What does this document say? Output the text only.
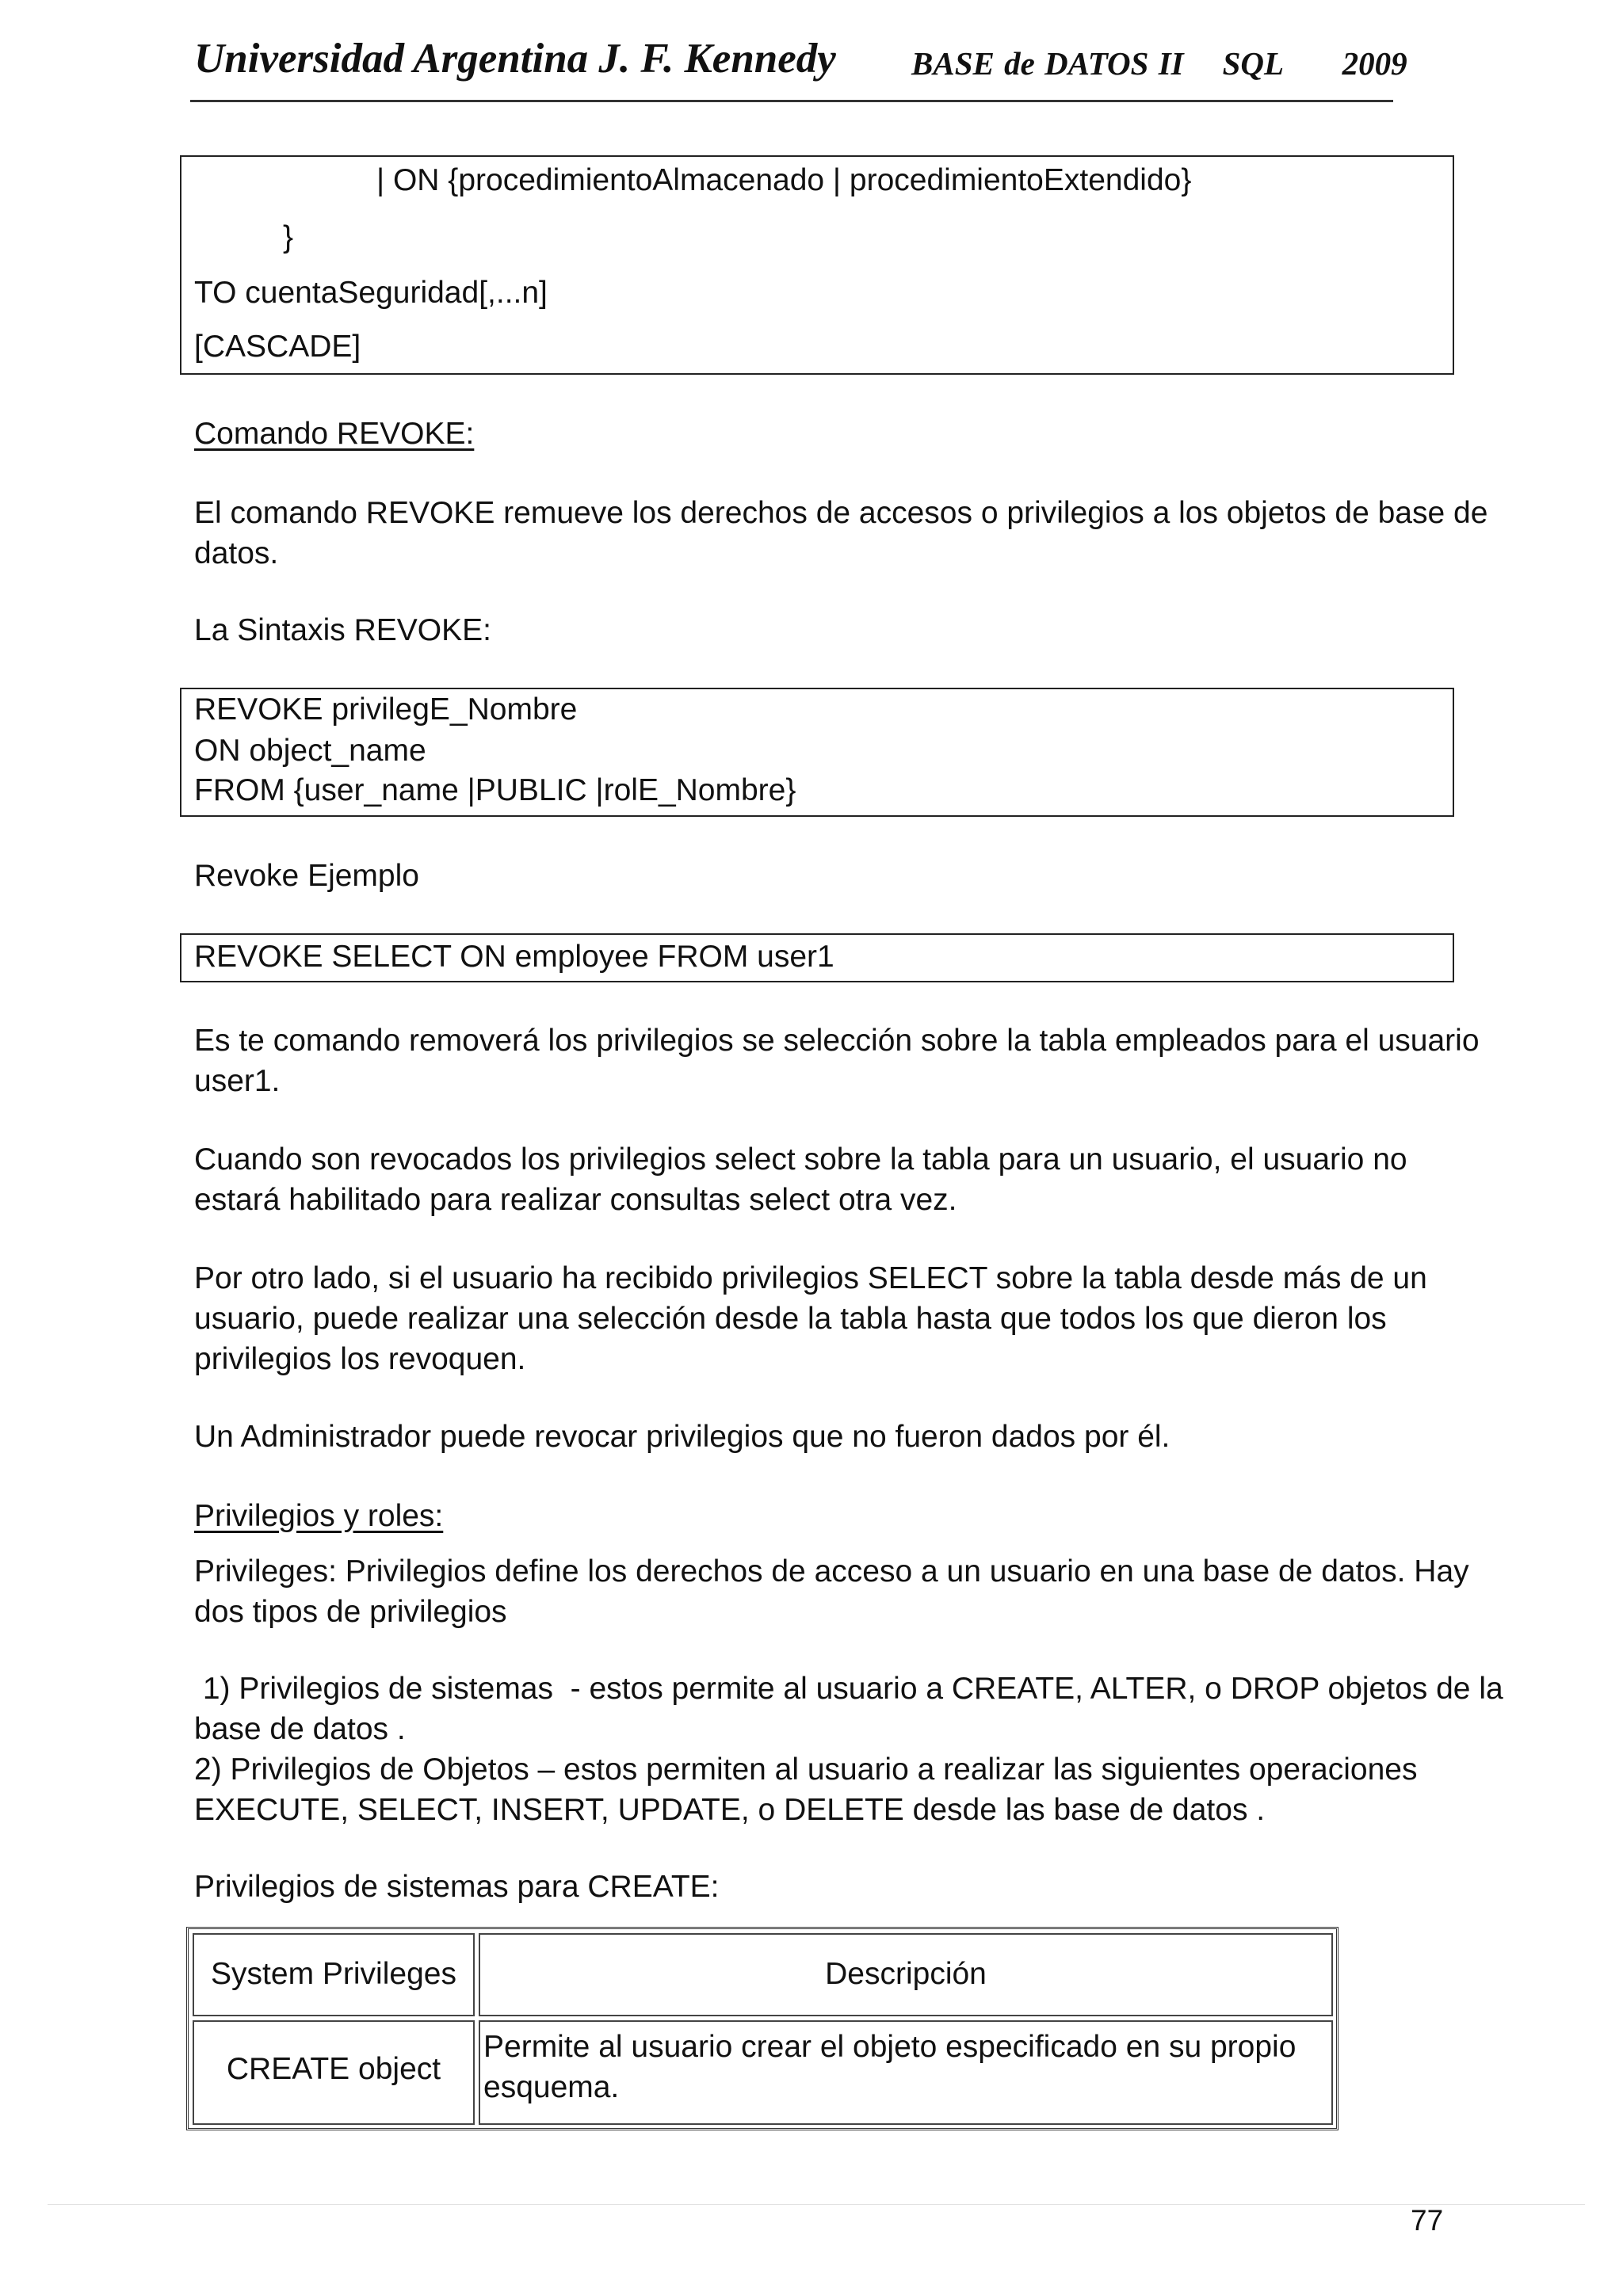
Universidad Argentina J. F. Kennedy BASE de DATOS II SQL 2009
| ON {procedimientoAlmacenado | procedimientoExtendido}
}
TO cuentaSeguridad[,...n]
[CASCADE]
Comando REVOKE:
El comando REVOKE remueve los derechos de accesos o privilegios a los objetos de base de
datos.
La Sintaxis REVOKE:
REVOKE privilegE_Nombre
ON object_name
FROM {user_name |PUBLIC |rolE_Nombre}
Revoke Ejemplo
REVOKE SELECT ON employee FROM user1
Es te comando removerá los privilegios se selección sobre la tabla empleados para el usuario
user1.
Cuando son revocados los privilegios select sobre la tabla para un usuario, el usuario no
estará habilitado para realizar consultas select otra vez.
Por otro lado, si el usuario ha recibido privilegios SELECT sobre la tabla desde más de un
usuario, puede realizar una selección desde la tabla hasta que todos los que dieron los
privilegios los revoquen.
Un Administrador puede revocar privilegios que no fueron dados por él.
Privilegios y roles:
Privileges: Privilegios define los derechos de acceso a un usuario en una base de datos. Hay
dos tipos de privilegios
1) Privilegios de sistemas  - estos permite al usuario a CREATE, ALTER, o DROP objetos de la
base de datos .
2) Privilegios de Objetos – estos permiten al usuario a realizar las siguientes operaciones
EXECUTE, SELECT, INSERT, UPDATE, o DELETE desde las base de datos .
Privilegios de sistemas para CREATE:
System Privileges	Descripción
CREATE object
Permite al usuario crear el objeto especificado en su propio
esquema.
77
